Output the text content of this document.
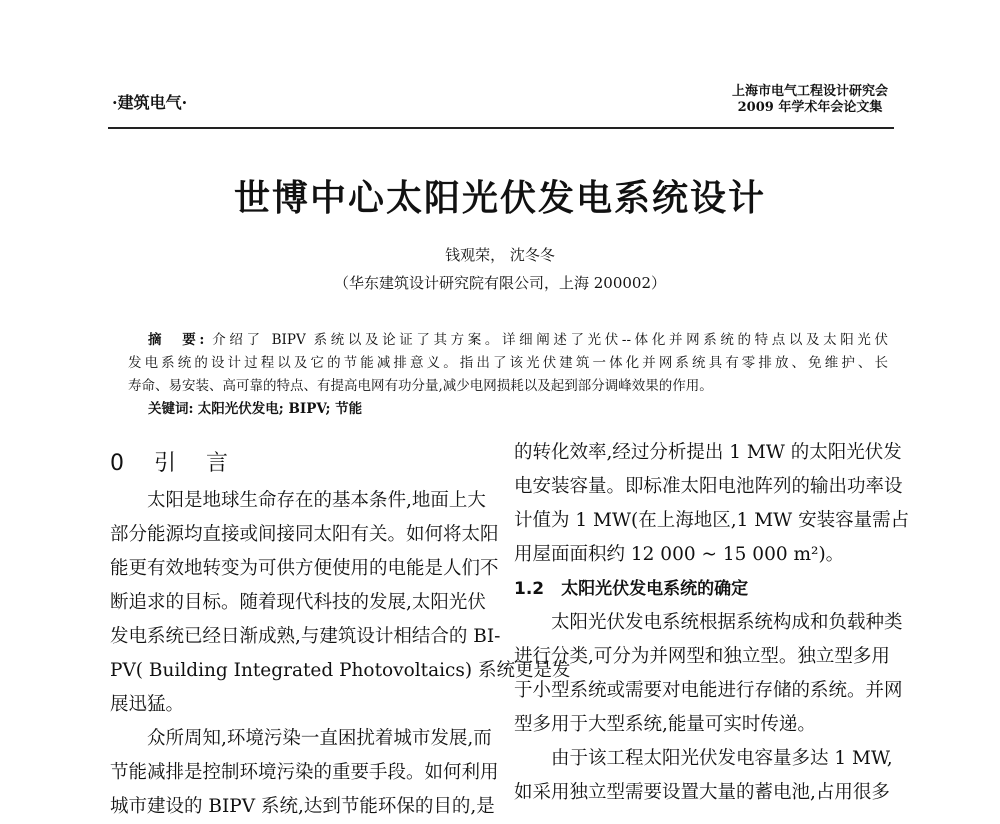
·建筑电气·
上海市电气工程设计研究会
2009 年学术年会论文集
世博中心太阳光伏发电系统设计
钱观荣， 沈冬冬
（华东建筑设计研究院有限公司，上海 200002）
摘　要: 介绍了 BIPV 系统以及论证了其方案。详细阐述了光伏--体化并网系统的特点以及太阳光伏
发电系统的设计过程以及它的节能减排意义。指出了该光伏建筑一体化并网系统具有零排放、免维护、长
寿命、易安装、高可靠的特点、有提高电网有功分量,减少电网损耗以及起到部分调峰效果的作用。
关键词: 太阳光伏发电; BIPV; 节能
0 引 言
太阳是地球生命存在的基本条件,地面上大
部分能源均直接或间接同太阳有关。如何将太阳
能更有效地转变为可供方便使用的电能是人们不
断追求的目标。随着现代科技的发展,太阳光伏
发电系统已经日渐成熟,与建筑设计相结合的 BI-
PV( Building Integrated Photovoltaics) 系统更是发
展迅猛。
众所周知,环境污染一直困扰着城市发展,而
节能减排是控制环境污染的重要手段。如何利用
城市建设的 BIPV 系统,达到节能环保的目的,是
的转化效率,经过分析提出 1 MW 的太阳光伏发
电安装容量。即标准太阳电池阵列的输出功率设
计值为 1 MW(在上海地区,1 MW 安装容量需占
用屋面面积约 12 000 ~ 15 000 m²)。
1.2　太阳光伏发电系统的确定
太阳光伏发电系统根据系统构成和负载种类
进行分类,可分为并网型和独立型。独立型多用
于小型系统或需要对电能进行存储的系统。并网
型多用于大型系统,能量可实时传递。
由于该工程太阳光伏发电容量多达 1 MW,
如采用独立型需要设置大量的蓄电池,占用很多
